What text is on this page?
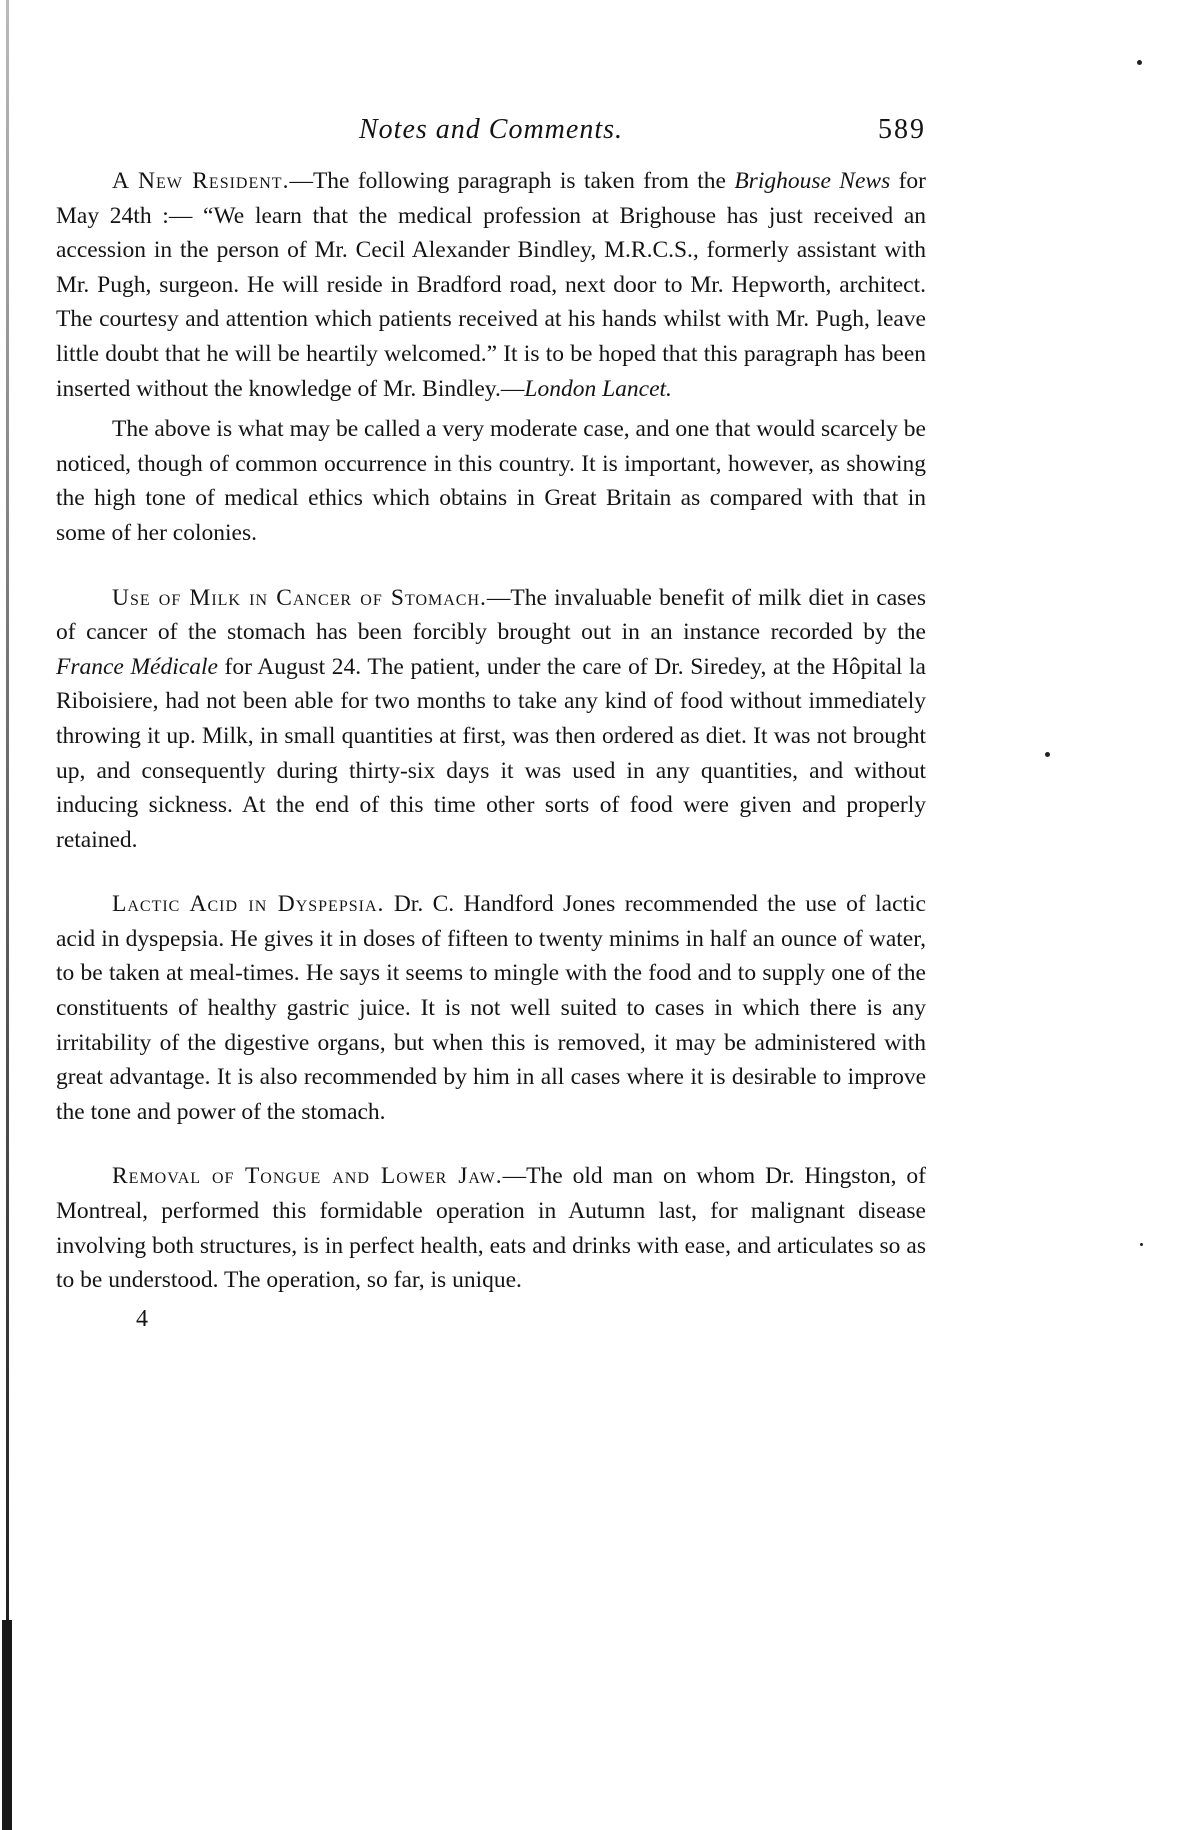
Notes and Comments.	589

A New Resident.—The following paragraph is taken from the Brighouse News for May 24th :— “We learn that the medical profession at Brighouse has just received an accession in the person of Mr. Cecil Alexander Bindley, M.R.C.S., formerly assistant with Mr. Pugh, surgeon. He will reside in Bradford road, next door to Mr. Hepworth, architect. The courtesy and attention which patients received at his hands whilst with Mr. Pugh, leave little doubt that he will be heartily welcomed.” It is to be hoped that this paragraph has been inserted without the knowledge of Mr. Bindley.—London Lancet.

The above is what may be called a very moderate case, and one that would scarcely be noticed, though of common occurrence in this country. It is important, however, as showing the high tone of medical ethics which obtains in Great Britain as compared with that in some of her colonies.

Use of Milk in Cancer of Stomach.—The invaluable benefit of milk diet in cases of cancer of the stomach has been forcibly brought out in an instance recorded by the France Médicale for August 24. The patient, under the care of Dr. Siredey, at the Hôpital la Riboisiere, had not been able for two months to take any kind of food without immediately throwing it up. Milk, in small quantities at first, was then ordered as diet. It was not brought up, and consequently during thirty-six days it was used in any quantities, and without inducing sickness. At the end of this time other sorts of food were given and properly retained.

Lactic Acid in Dyspepsia. Dr. C. Handford Jones recommended the use of lactic acid in dyspepsia. He gives it in doses of fifteen to twenty minims in half an ounce of water, to be taken at meal-times. He says it seems to mingle with the food and to supply one of the constituents of healthy gastric juice. It is not well suited to cases in which there is any irritability of the digestive organs, but when this is removed, it may be administered with great advantage. It is also recommended by him in all cases where it is desirable to improve the tone and power of the stomach.

Removal of Tongue and Lower Jaw.—The old man on whom Dr. Hingston, of Montreal, performed this formidable operation in Autumn last, for malignant disease involving both structures, is in perfect health, eats and drinks with ease, and articulates so as to be understood. The operation, so far, is unique.

4
